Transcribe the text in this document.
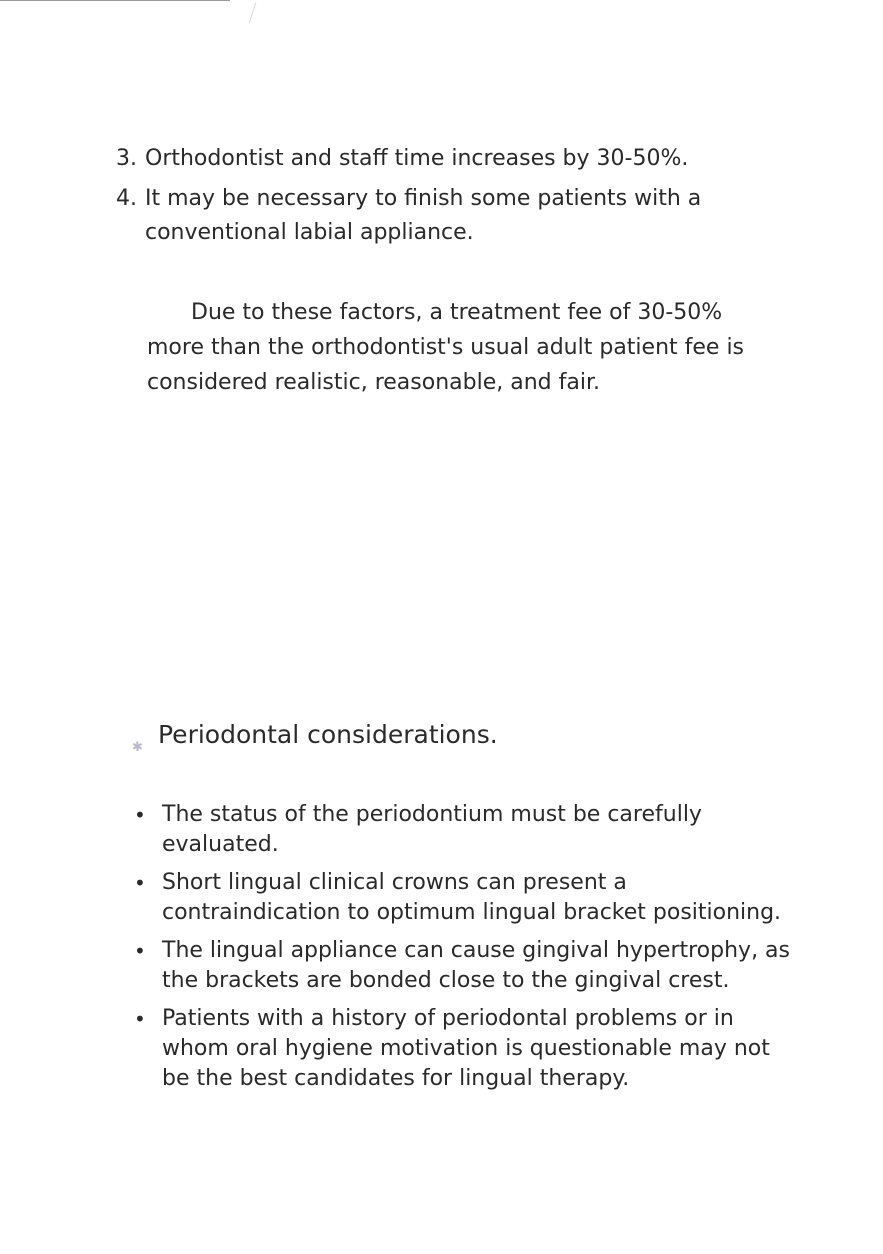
3. Orthodontist and staff time increases by 30-50%.
4. It may be necessary to finish some patients with a conventional labial appliance.

Due to these factors, a treatment fee of 30-50% more than the orthodontist's usual adult patient fee is considered realistic, reasonable, and fair.

✱ Periodontal considerations.
• The status of the periodontium must be carefully evaluated.
• Short lingual clinical crowns can present a contraindication to optimum lingual bracket positioning.
• The lingual appliance can cause gingival hypertrophy, as the brackets are bonded close to the gingival crest.
• Patients with a history of periodontal problems or in whom oral hygiene motivation is questionable may not be the best candidates for lingual therapy.
